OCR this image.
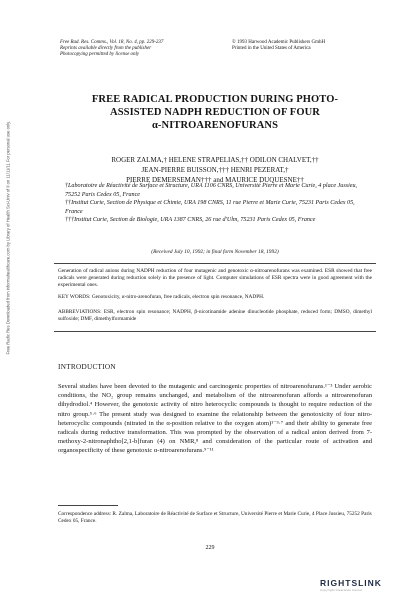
Free Radic Res Downloaded from informahealthcare.com by Library of Health Sci-Univ of Il on 11/11/11 For personal use only.
Free Rad. Res. Comms., Vol. 18, No. 4, pp. 229-237
Reprints available directly from the publisher
Photocopying permitted by license only
© 1993 Harwood Academic Publishers GmbH
Printed in the United States of America
FREE RADICAL PRODUCTION DURING PHOTO-
ASSISTED NADPH REDUCTION OF FOUR
α-NITROARENOFURANS
ROGER ZALMA,† HELENE STRAPELIAS,†† ODILON CHALVET,††
JEAN-PIERRE BUISSON,††† HENRI PEZERAT,†
PIERRE DEMERSEMAN††† and MAURICE DUQUESNE††

†Laboratoire de Réactivité de Surface et Structure, URA 1106 CNRS, Université Pierre et Marie Curie, 4 place Jussieu, 75252 Paris Cedex 05, France

††Institut Curie, Section de Physique et Chimie, URA 198 CNRS, 11 rue Pierre et Marie Curie, 75231 Paris Cedex 05, France

†††Institut Curie, Section de Biologie, URA 1387 CNRS, 26 rue d'Ulm, 75231 Paris Cedex 05, France

(Received July 10, 1992; in final form November 18, 1992)
Generation of radical anions during NADPH reduction of four mutagenic and genotoxic α-nitroarenofurans was examined. ESR showed that free radicals were generated during reduction solely in the presence of light. Computer simulations of ESR spectra were in good agreement with the experimental ones.
KEY WORDS: Genotoxicity, α-nitro-arenofuran, free radicals, electron spin resonance, NADPH.
ABBREVIATIONS: ESR, electron spin resonance; NADPH, β-nicotinamide adenine dinucleotide phosphate, reduced form; DMSO, dimethyl sulfoxide; DMF, dimethylformamide
INTRODUCTION
Several studies have been devoted to the mutagenic and carcinogenic properties of nitroarenofurans.¹⁻³ Under aerobic conditions, the NO₂ group remains unchanged, and metabolism of the nitroarenofuran affords a nitroarenofuran dihydrodiol.⁴ However, the genotoxic activity of nitro heterocyclic compounds is thought to require reduction of the nitro group.⁵·⁶ The present study was designed to examine the relationship between the genotoxicity of four nitro-heterocyclic compounds (nitrated in the α-position relative to the oxygen atom)¹⁻³·⁷ and their ability to generate free radicals during reductive transformation. This was prompted by the observation of a radical anion derived from 7-methoxy-2-nitronaphtho[2,1-b]furan (4) on NMR,⁸ and consideration of the particular route of activation and organospecificity of these genotoxic α-nitroarenofurans.⁹⁻¹¹
Correspondence address: R. Zalma, Laboratoire de Réactivité de Surface et Structure, Université Pierre et Marie Curie, 4 Place Jussieu, 75252 Paris Cedex 05, France.
229
RIGHTSLINK
Copyright Clearance Center
